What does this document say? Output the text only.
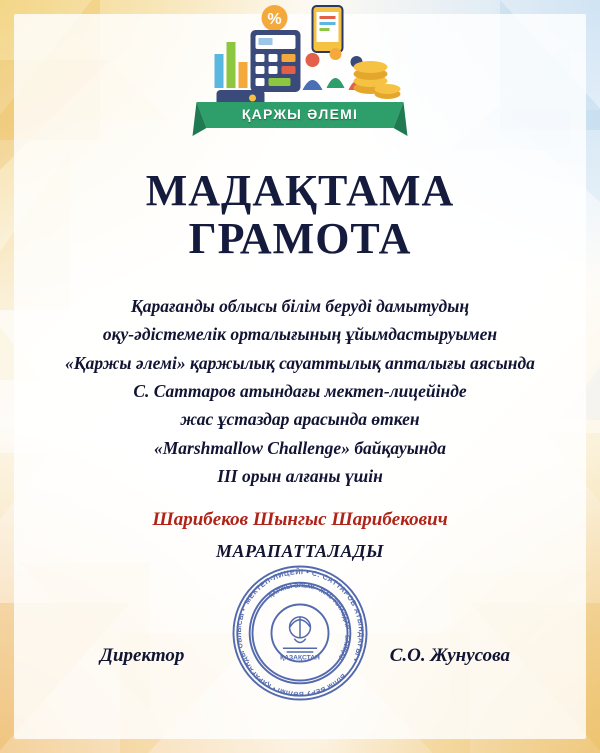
%
ҚАРЖЫ ӘЛЕМІ
МАДАҚТАМА
ГРАМОТА
Қарағанды облысы білім беруді дамытудың
оқу-әдістемелік орталығының ұйымдастыруымен
«Қаржы әлемі» қаржылық сауаттылық апталығы аясында
С. Саттаров атындағы мектеп-лицейінде
жас ұстаздар арасында өткен
«Marshmallow Challenge» байқауында
III орын алғаны үшін
Шарибеков Шынгыс Шарибекович
МАРАПАТТАЛАДЫ
МЕКТЕП-ЛИЦЕЙІ • С. САТТАРОВ АТЫНДАҒЫ •
БІЛІМ БЕРУ БӨЛІМІ • ҚАРАҒАНДЫ ОБЛЫСЫ •
ҚАРЖЫ ӘЛЕМІ • ЖАС ҰСТАЗДАР • БАЙҚАУ
ҚАЗАҚСТАН
Директор	С.О. Жунусова
